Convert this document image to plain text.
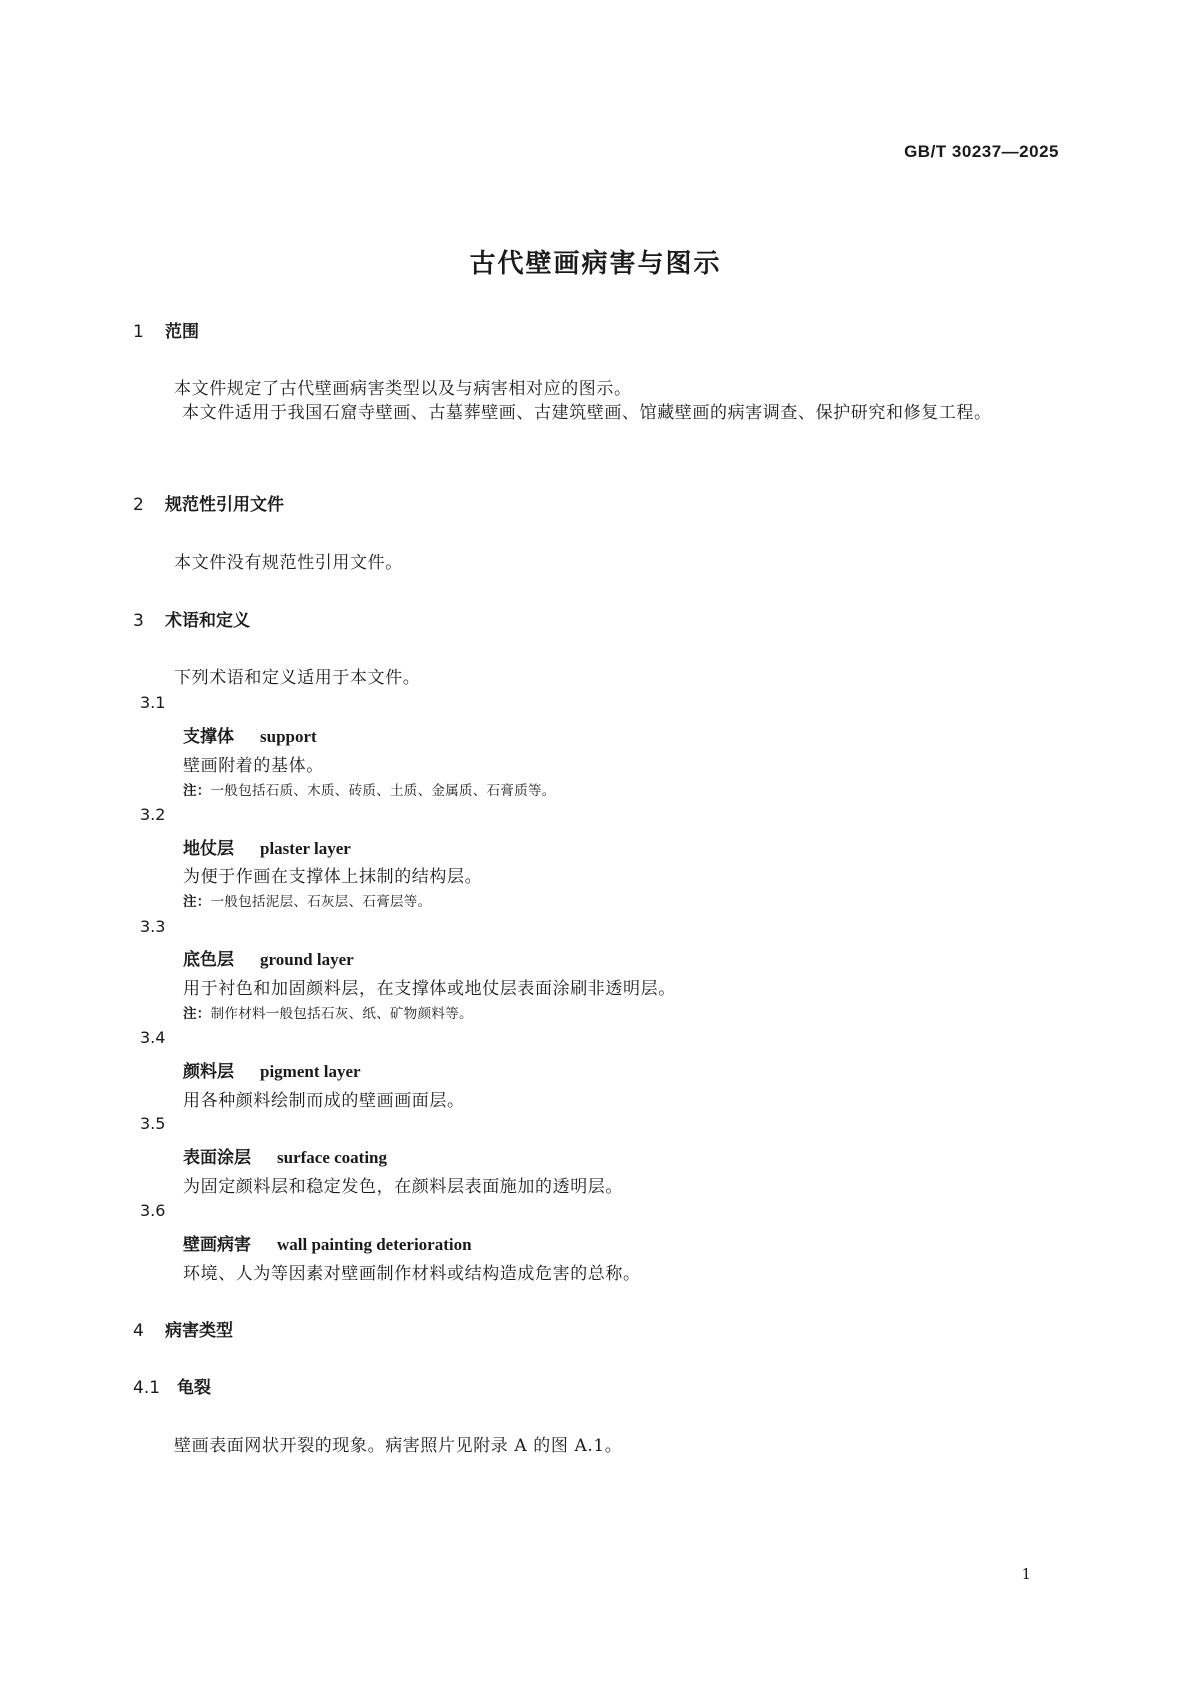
GB/T 30237—2025
古代壁画病害与图示
1 范围
本文件规定了古代壁画病害类型以及与病害相对应的图示。
本文件适用于我国石窟寺壁画、古墓葬壁画、古建筑壁画、馆藏壁画的病害调查、保护研究和修复工程。
2 规范性引用文件
本文件没有规范性引用文件。
3 术语和定义
下列术语和定义适用于本文件。
3.1
支撑体 support
壁画附着的基体。
注：一般包括石质、木质、砖质、土质、金属质、石膏质等。
3.2
地仗层 plaster layer
为便于作画在支撑体上抹制的结构层。
注：一般包括泥层、石灰层、石膏层等。
3.3
底色层 ground layer
用于衬色和加固颜料层，在支撑体或地仗层表面涂刷非透明层。
注：制作材料一般包括石灰、纸、矿物颜料等。
3.4
颜料层 pigment layer
用各种颜料绘制而成的壁画画面层。
3.5
表面涂层 surface coating
为固定颜料层和稳定发色，在颜料层表面施加的透明层。
3.6
壁画病害 wall painting deterioration
环境、人为等因素对壁画制作材料或结构造成危害的总称。
4 病害类型
4.1 龟裂
壁画表面网状开裂的现象。病害照片见附录 A 的图 A.1。
1
